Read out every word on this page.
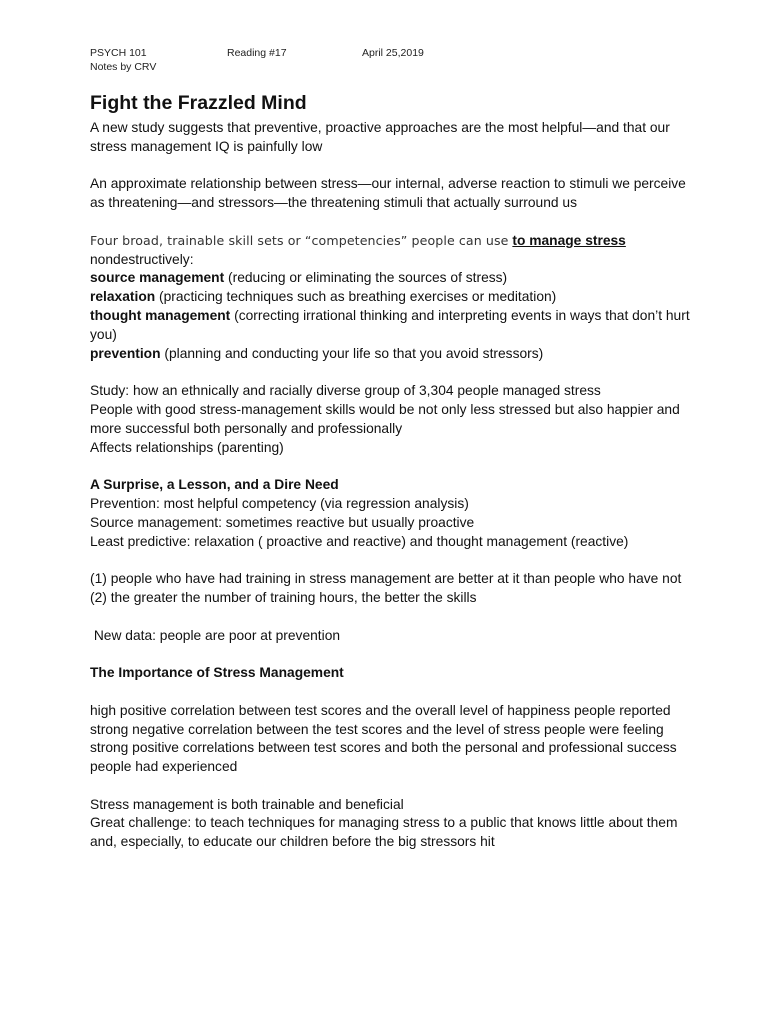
PSYCH 101
Notes by CRV
Reading #17	April 25,2019
Fight the Frazzled Mind

A new study suggests that preventive, proactive approaches are the most helpful—and that our stress management IQ is painfully low

An approximate relationship between stress—our internal, adverse reaction to stimuli we perceive as threatening—and stressors—the threatening stimuli that actually surround us

Four broad, trainable skill sets or “competencies” people can use to manage stress
nondestructively:

source management (reducing or eliminating the sources of stress)

relaxation (practicing techniques such as breathing exercises or meditation)

thought management (correcting irrational thinking and interpreting events in ways that don’t hurt you)

prevention (planning and conducting your life so that you avoid stressors)

Study: how an ethnically and racially diverse group of 3,304 people managed stress

People with good stress-management skills would be not only less stressed but also happier and more successful both personally and professionally

Affects relationships (parenting)

A Surprise, a Lesson, and a Dire Need

Prevention: most helpful competency (via regression analysis)

Source management: sometimes reactive but usually proactive

Least predictive: relaxation ( proactive and reactive) and thought management (reactive)

(1) people who have had training in stress management are better at it than people who have not

(2) the greater the number of training hours, the better the skills

New data: people are poor at prevention

The Importance of Stress Management

high positive correlation between test scores and the overall level of happiness people reported

strong negative correlation between the test scores and the level of stress people were feeling

strong positive correlations between test scores and both the personal and professional success people had experienced

Stress management is both trainable and beneficial

Great challenge: to teach techniques for managing stress to a public that knows little about them and, especially, to educate our children before the big stressors hit
